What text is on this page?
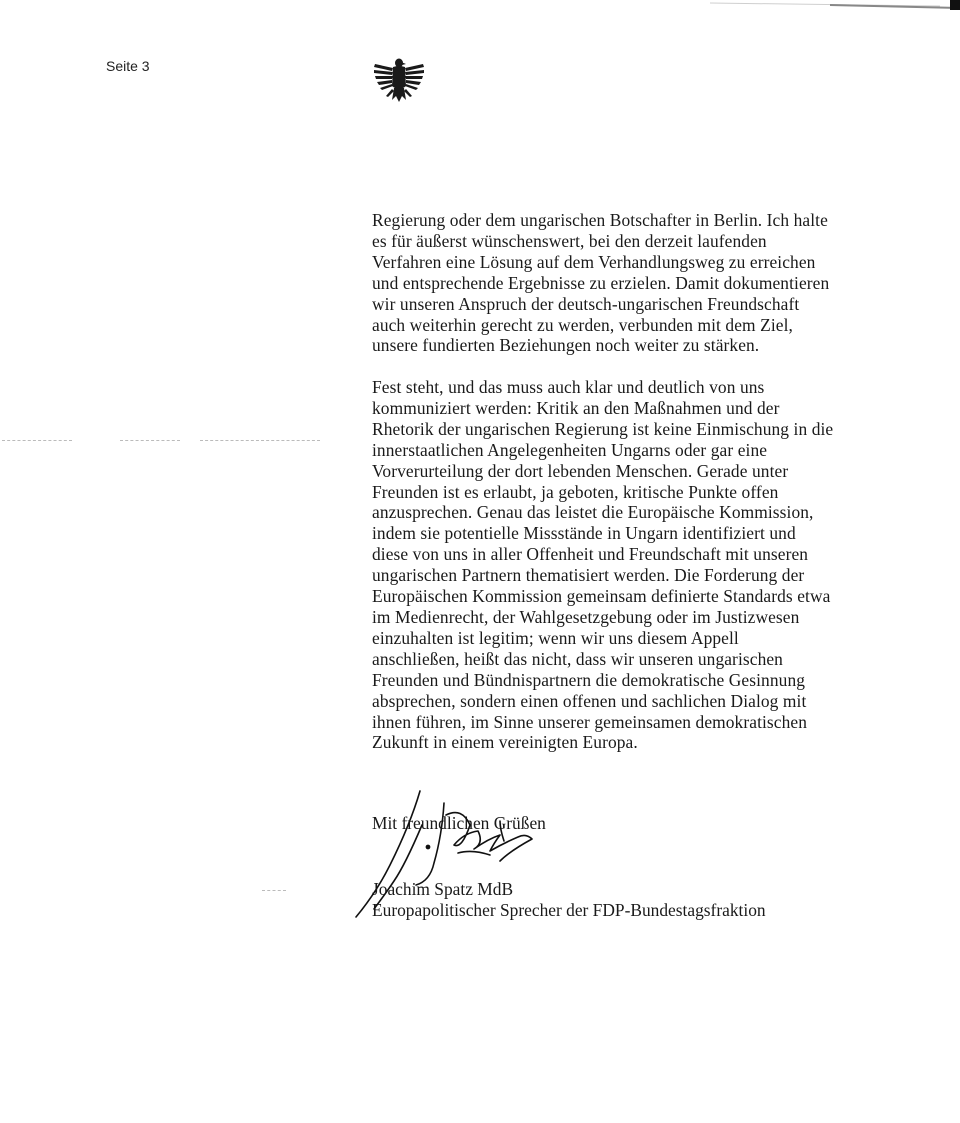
Seite 3

Regierung oder dem ungarischen Botschafter in Berlin. Ich halte
es für äußerst wünschenswert, bei den derzeit laufenden
Verfahren eine Lösung auf dem Verhandlungsweg zu erreichen
und entsprechende Ergebnisse zu erzielen. Damit dokumentieren
wir unseren Anspruch der deutsch-ungarischen Freundschaft
auch weiterhin gerecht zu werden, verbunden mit dem Ziel,
unsere fundierten Beziehungen noch weiter zu stärken.

Fest steht, und das muss auch klar und deutlich von uns
kommuniziert werden: Kritik an den Maßnahmen und der
Rhetorik der ungarischen Regierung ist keine Einmischung in die
innerstaatlichen Angelegenheiten Ungarns oder gar eine
Vorverurteilung der dort lebenden Menschen. Gerade unter
Freunden ist es erlaubt, ja geboten, kritische Punkte offen
anzusprechen. Genau das leistet die Europäische Kommission,
indem sie potentielle Missstände in Ungarn identifiziert und
diese von uns in aller Offenheit und Freundschaft mit unseren
ungarischen Partnern thematisiert werden. Die Forderung der
Europäischen Kommission gemeinsam definierte Standards etwa
im Medienrecht, der Wahlgesetzgebung oder im Justizwesen
einzuhalten ist legitim; wenn wir uns diesem Appell
anschließen, heißt das nicht, dass wir unseren ungarischen
Freunden und Bündnispartnern die demokratische Gesinnung
absprechen, sondern einen offenen und sachlichen Dialog mit
ihnen führen, im Sinne unserer gemeinsamen demokratischen
Zukunft in einem vereinigten Europa.

Mit freundlichen Grüßen
Joachim Spatz MdB
Europapolitischer Sprecher der FDP-Bundestagsfraktion
